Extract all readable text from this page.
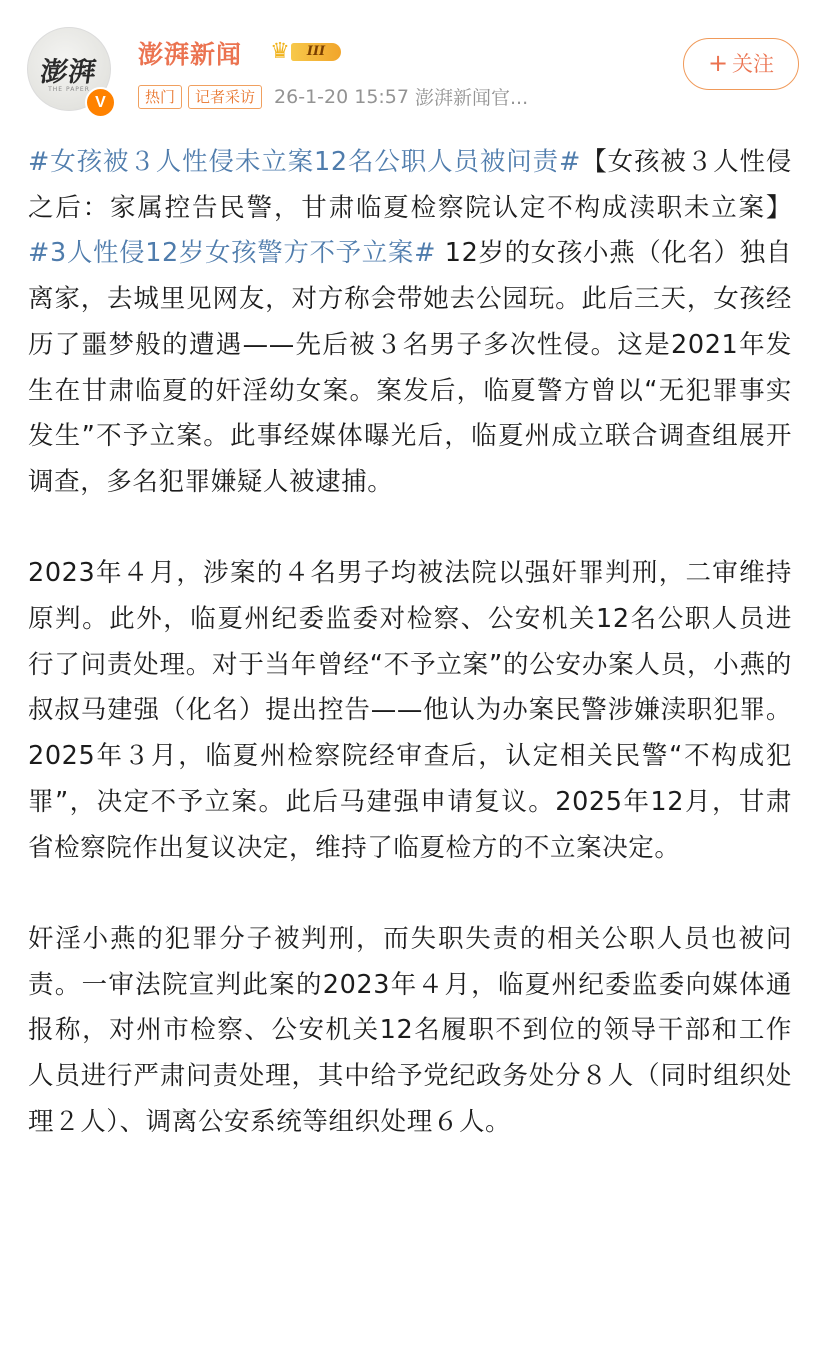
澎湃
THE PAPER
V
澎湃新闻 ♛	III
热门 记者采访 26-1-20 15:57 澎湃新闻官...
+ 关注

#女孩被３人性侵未立案12名公职人员被问责#【女孩被３人性侵之后：家属控告民警，甘肃临夏检察院认定不构成渎职未立案】#3人性侵12岁女孩警方不予立案# 12岁的女孩小燕（化名）独自离家，去城里见网友，对方称会带她去公园玩。此后三天，女孩经历了噩梦般的遭遇——先后被３名男子多次性侵。这是2021年发生在甘肃临夏的奸淫幼女案。案发后，临夏警方曾以“无犯罪事实发生”不予立案。此事经媒体曝光后，临夏州成立联合调查组展开调查，多名犯罪嫌疑人被逮捕。

2023年４月，涉案的４名男子均被法院以强奸罪判刑，二审维持原判。此外，临夏州纪委监委对检察、公安机关12名公职人员进行了问责处理。对于当年曾经“不予立案”的公安办案人员，小燕的叔叔马建强（化名）提出控告——他认为办案民警涉嫌渎职犯罪。2025年３月，临夏州检察院经审查后，认定相关民警“不构成犯罪”，决定不予立案。此后马建强申请复议。2025年12月，甘肃省检察院作出复议决定，维持了临夏检方的不立案决定。

奸淫小燕的犯罪分子被判刑，而失职失责的相关公职人员也被问责。一审法院宣判此案的2023年４月，临夏州纪委监委向媒体通报称，对州市检察、公安机关12名履职不到位的领导干部和工作人员进行严肃问责处理，其中给予党纪政务处分８人（同时组织处理２人）、调离公安系统等组织处理６人。
